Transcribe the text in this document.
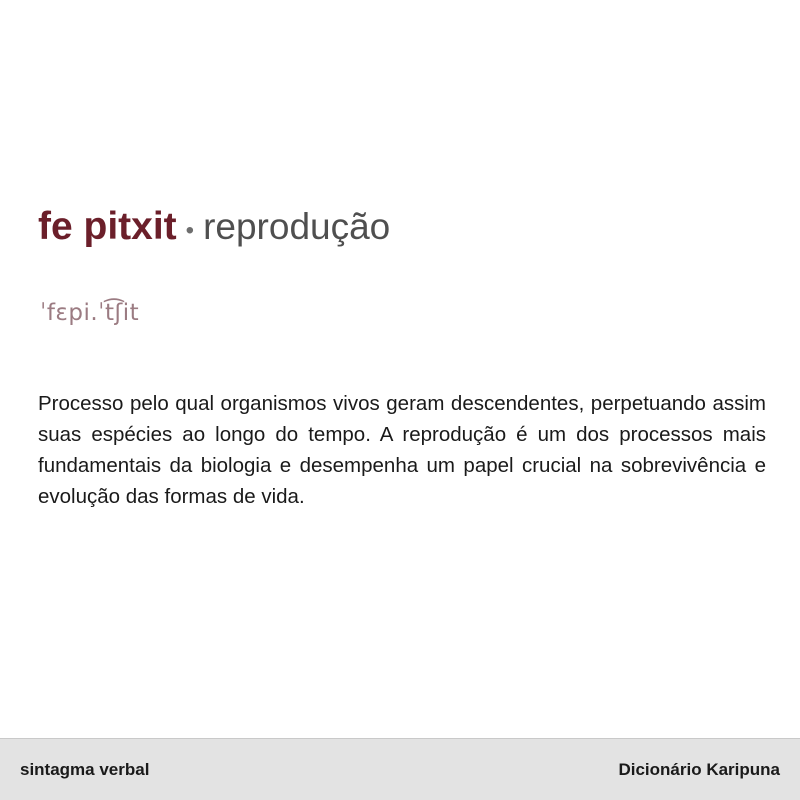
fe pitxit • reprodução
ˈfɛpi.ˈt͡ʃit
Processo pelo qual organismos vivos geram descendentes, perpetuando assim suas espécies ao longo do tempo. A reprodução é um dos processos mais fundamentais da biologia e desempenha um papel crucial na sobrevivência e evolução das formas de vida.
sintagma verbal	Dicionário Karipuna
